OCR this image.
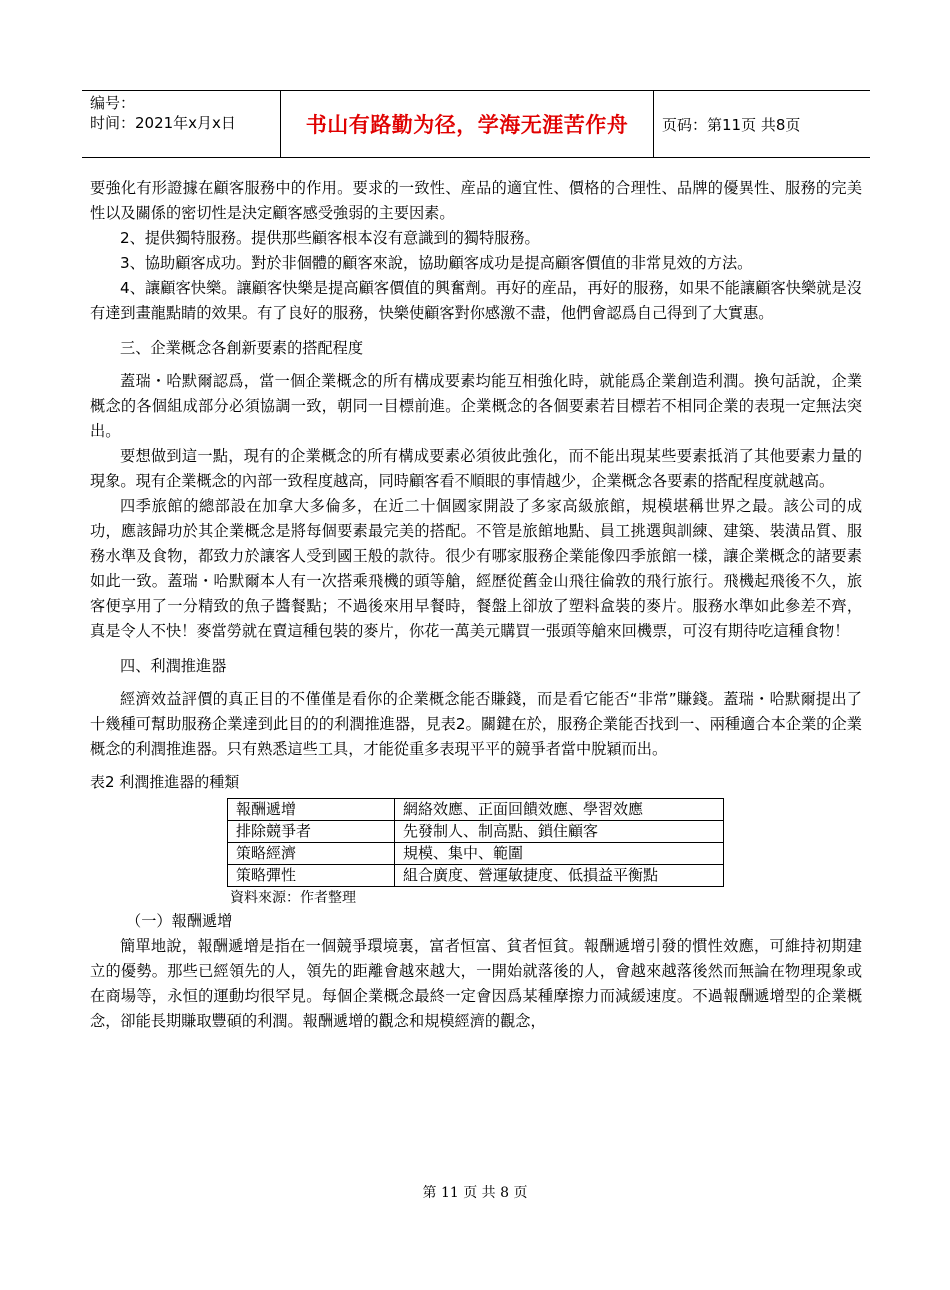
编号：
时间：2021年x月x日	书山有路勤为径，学海无涯苦作舟	页码：第11页 共8页

要強化有形證據在顧客服務中的作用。要求的一致性、産品的適宜性、價格的合理性、品牌的優異性、服務的完美性以及關係的密切性是決定顧客感受強弱的主要因素。

2、提供獨特服務。提供那些顧客根本沒有意識到的獨特服務。

3、協助顧客成功。對於非個體的顧客來說，協助顧客成功是提高顧客價值的非常見效的方法。

4、讓顧客快樂。讓顧客快樂是提高顧客價值的興奮劑。再好的産品，再好的服務，如果不能讓顧客快樂就是沒有達到畫龍點睛的效果。有了良好的服務，快樂使顧客對你感激不盡，他們會認爲自己得到了大實惠。

三、企業概念各創新要素的搭配程度

蓋瑞・哈默爾認爲，當一個企業概念的所有構成要素均能互相強化時，就能爲企業創造利潤。換句話說，企業概念的各個組成部分必須協調一致，朝同一目標前進。企業概念的各個要素若目標若不相同企業的表現一定無法突出。

要想做到這一點，現有的企業概念的所有構成要素必須彼此強化，而不能出現某些要素抵消了其他要素力量的現象。現有企業概念的內部一致程度越高，同時顧客看不順眼的事情越少，企業概念各要素的搭配程度就越高。

四季旅館的總部設在加拿大多倫多，在近二十個國家開設了多家高級旅館，規模堪稱世界之最。該公司的成功，應該歸功於其企業概念是將每個要素最完美的搭配。不管是旅館地點、員工挑選與訓練、建築、裝潢品質、服務水準及食物，都致力於讓客人受到國王般的款待。很少有哪家服務企業能像四季旅館一樣，讓企業概念的諸要素如此一致。蓋瑞・哈默爾本人有一次搭乘飛機的頭等艙，經歷從舊金山飛往倫敦的飛行旅行。飛機起飛後不久，旅客便享用了一分精致的魚子醬餐點；不過後來用早餐時，餐盤上卻放了塑料盒裝的麥片。服務水準如此參差不齊，真是令人不快！麥當勞就在賣這種包裝的麥片，你花一萬美元購買一張頭等艙來回機票，可沒有期待吃這種食物！

四、利潤推進器

經濟效益評價的真正目的不僅僅是看你的企業概念能否賺錢，而是看它能否“非常”賺錢。蓋瑞・哈默爾提出了十幾種可幫助服務企業達到此目的的利潤推進器，見表2。關鍵在於，服務企業能否找到一、兩種適合本企業的企業概念的利潤推進器。只有熟悉這些工具，才能從重多表現平平的競爭者當中脫穎而出。

表2 利潤推進器的種類

報酬遞增	網絡效應、正面回饋效應、學習效應
排除競爭者	先發制人、制高點、鎖住顧客
策略經濟	規模、集中、範圍
策略彈性	組合廣度、營運敏捷度、低損益平衡點

資料來源：作者整理

（一）報酬遞增

簡單地說，報酬遞增是指在一個競爭環境裏，富者恒富、貧者恒貧。報酬遞增引發的慣性效應，可維持初期建立的優勢。那些已經領先的人，領先的距離會越來越大，一開始就落後的人，會越來越落後然而無論在物理現象或在商場等，永恒的運動均很罕見。每個企業概念最終一定會因爲某種摩擦力而減緩速度。不過報酬遞增型的企業概念，卻能長期賺取豐碩的利潤。報酬遞增的觀念和規模經濟的觀念，

第 11 页 共 8 页
